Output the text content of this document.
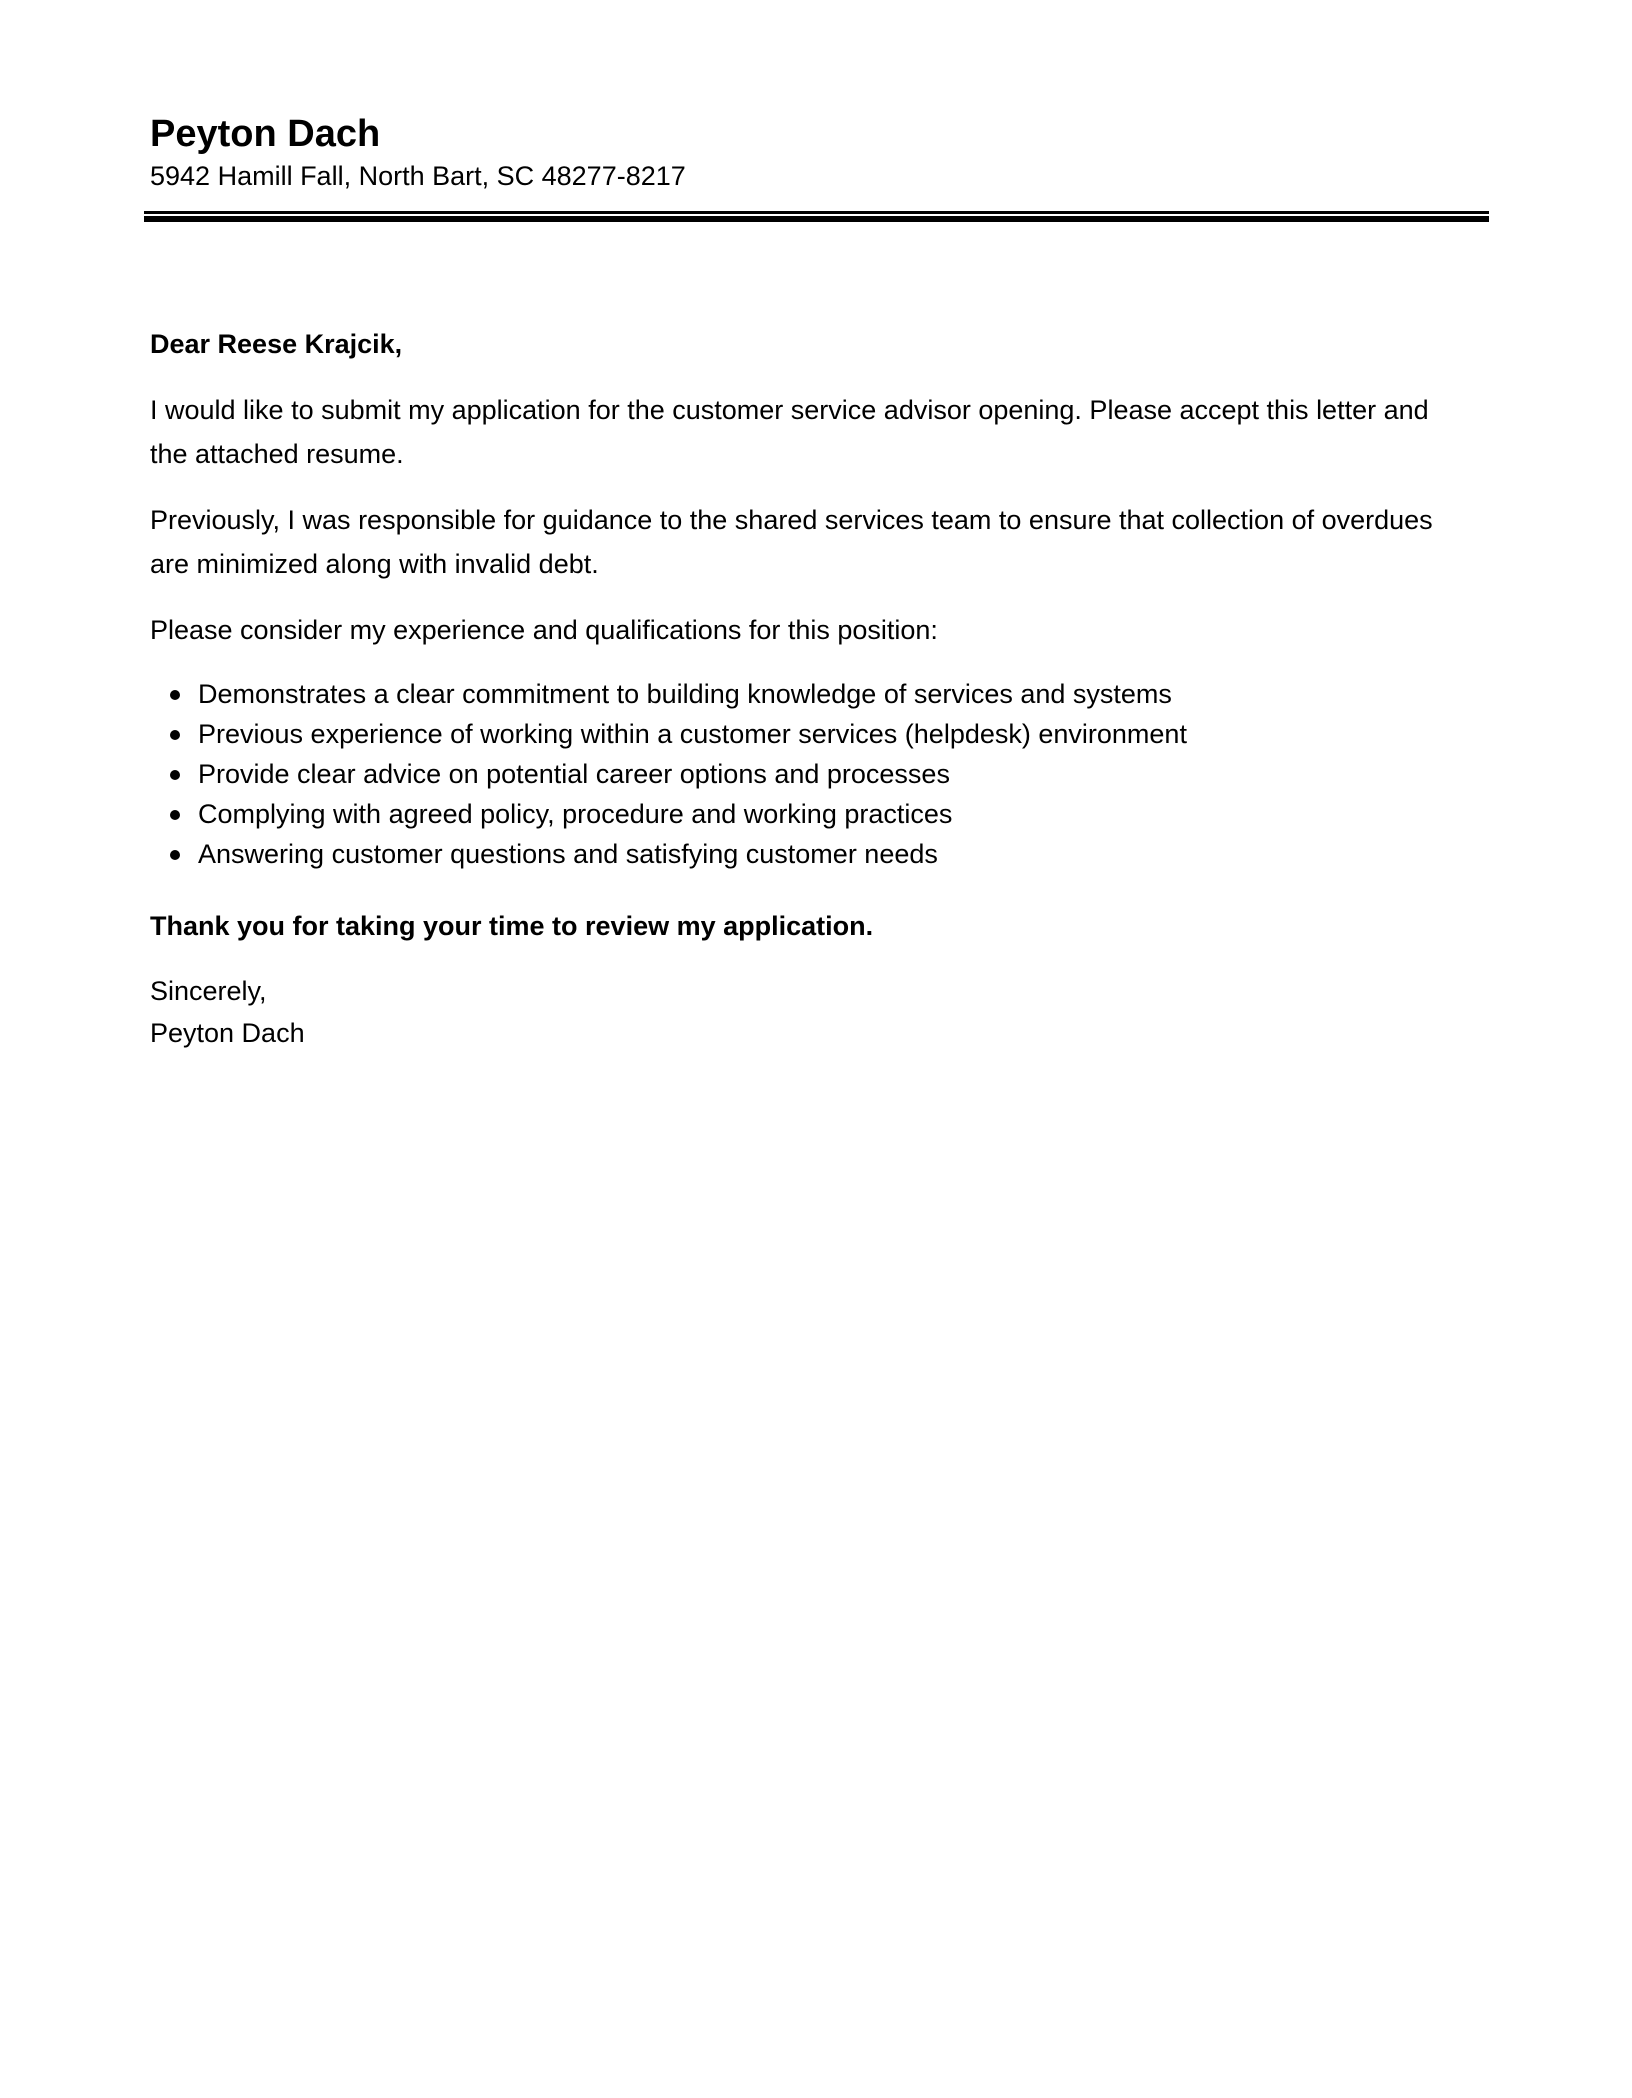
Peyton Dach

5942 Hamill Fall, North Bart, SC 48277-8217

Dear Reese Krajcik,

I would like to submit my application for the customer service advisor opening. Please accept this letter and the attached resume.

Previously, I was responsible for guidance to the shared services team to ensure that collection of overdues are minimized along with invalid debt.

Please consider my experience and qualifications for this position:

Demonstrates a clear commitment to building knowledge of services and systems
Previous experience of working within a customer services (helpdesk) environment
Provide clear advice on potential career options and processes
Complying with agreed policy, procedure and working practices
Answering customer questions and satisfying customer needs

Thank you for taking your time to review my application.

Sincerely,

Peyton Dach
